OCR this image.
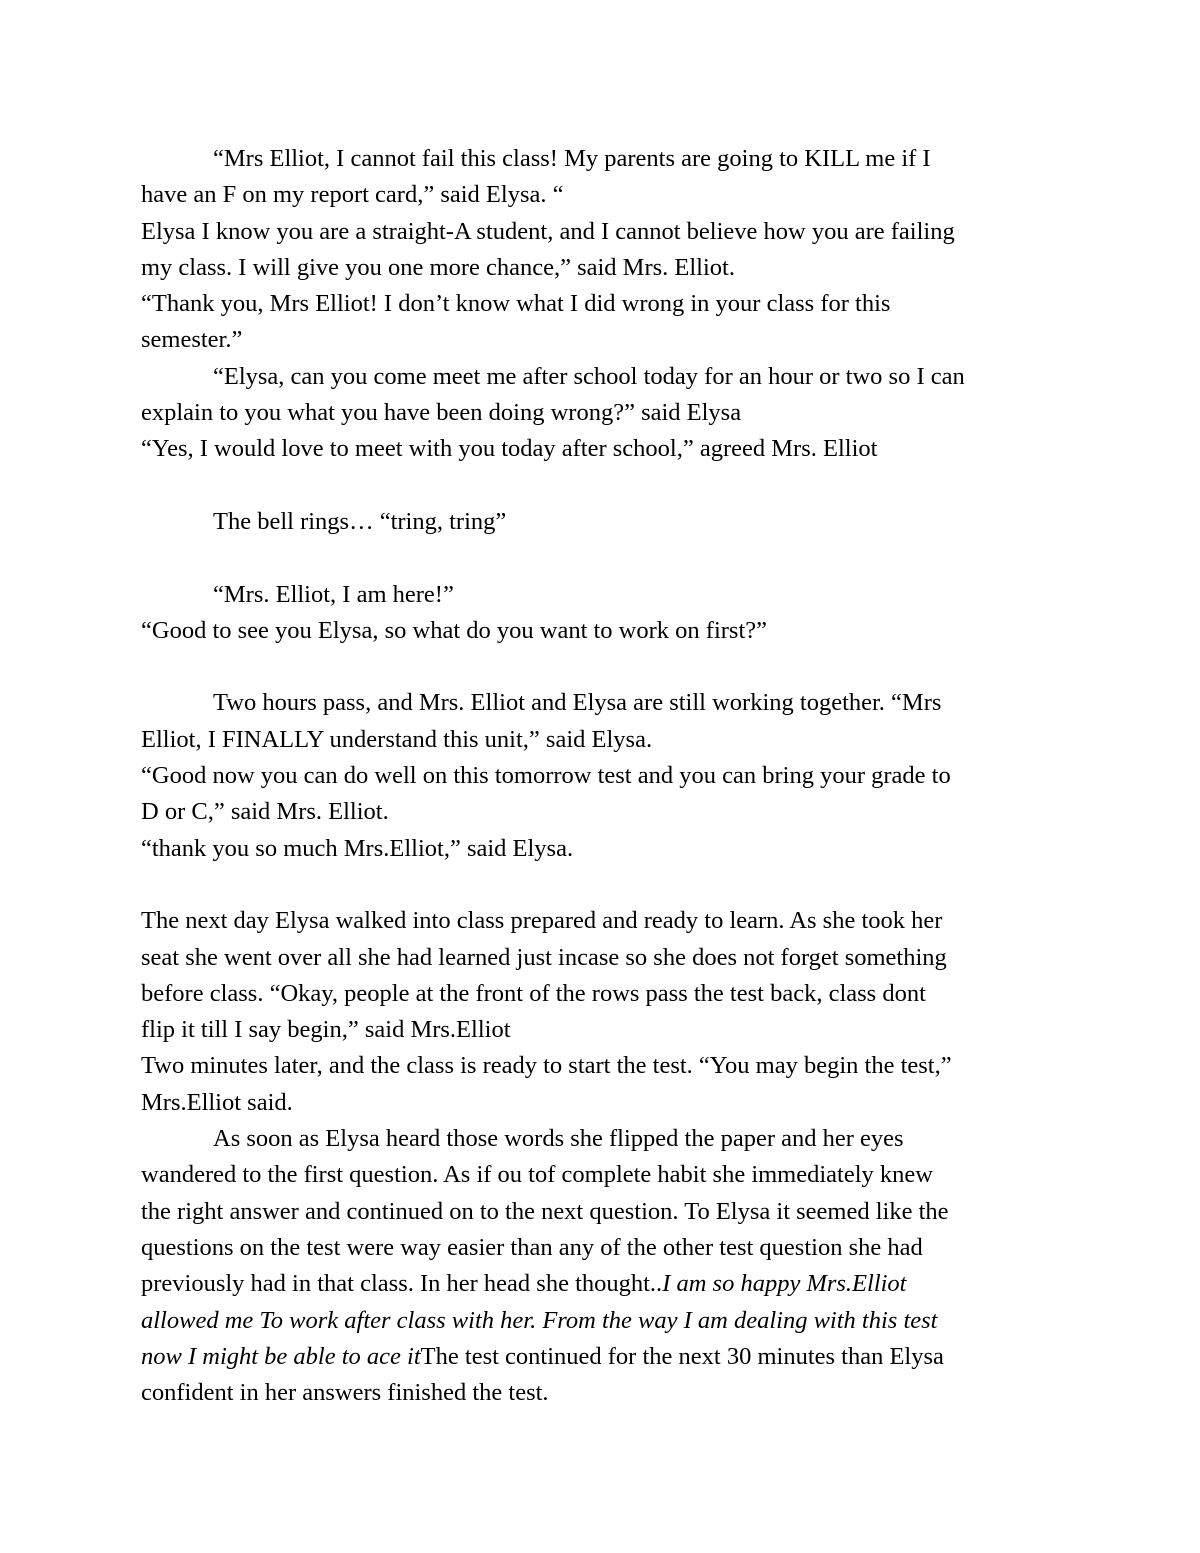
“Mrs Elliot, I cannot fail this class! My parents are going to KILL me if I
have an F on my report card,” said Elysa. “
Elysa I know you are a straight-A student, and I cannot believe how you are failing
my class. I will give you one more chance,” said Mrs. Elliot.
“Thank you, Mrs Elliot! I don’t know what I did wrong in your class for this
semester.”
“Elysa, can you come meet me after school today for an hour or two so I can
explain to you what you have been doing wrong?” said Elysa
“Yes, I would love to meet with you today after school,” agreed Mrs. Elliot
The bell rings… “tring, tring”
“Mrs. Elliot, I am here!”
“Good to see you Elysa, so what do you want to work on first?”
Two hours pass, and Mrs. Elliot and Elysa are still working together. “Mrs
Elliot, I FINALLY understand this unit,” said Elysa.
“Good now you can do well on this tomorrow test and you can bring your grade to
D or C,” said Mrs. Elliot.
“thank you so much Mrs.Elliot,” said Elysa.
The next day Elysa walked into class prepared and ready to learn. As she took her
seat she went over all she had learned just incase so she does not forget something
before class. “Okay, people at the front of the rows pass the test back, class dont
flip it till I say begin,” said Mrs.Elliot
Two minutes later, and the class is ready to start the test. “You may begin the test,”
Mrs.Elliot said.
As soon as Elysa heard those words she flipped the paper and her eyes
wandered to the first question. As if ou tof complete habit she immediately knew
the right answer and continued on to the next question. To Elysa it seemed like the
questions on the test were way easier than any of the other test question she had
previously had in that class. In her head she thought..I am so happy Mrs.Elliot
allowed me To work after class with her. From the way I am dealing with this test
now I might be able to ace itThe test continued for the next 30 minutes than Elysa
confident in her answers finished the test.
